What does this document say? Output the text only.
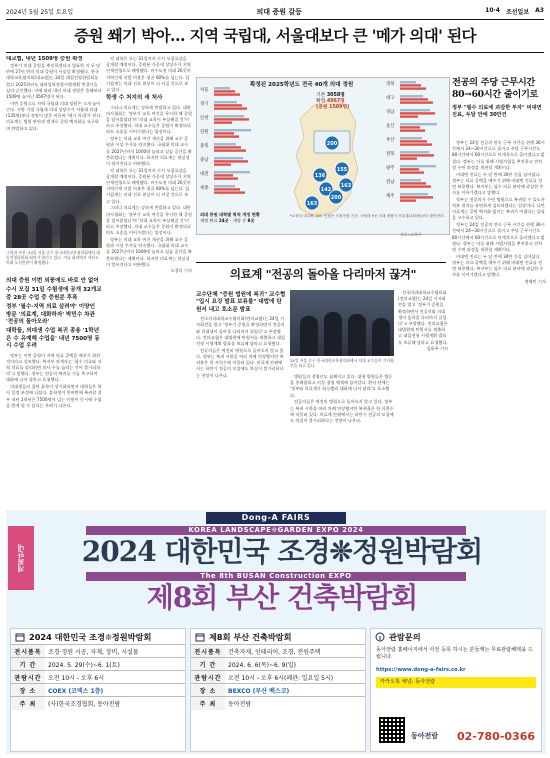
2024년 5월 25일 토요일	의대 증원 갈등	10·4 조선일보 A3
증원 쐐기 박아… 지역 국립대, 서울대보다 큰 '메가 의대' 된다
대교협, 내년 1509명 증원 확정

정부가 의대 증원을 추진하겠다고 발표한 지 두 달 만에 27년 만의 의대 증원이 사실상 확정됐다. 한국대학교육협의회(대교협)는 24일 대입전형위원회를 열고 2025학년도 대학입학전형시행계획 변경안을 심의·승인했다. 이에 따라 내년 의대 정원은 올해보다 1509명 늘어난 4567명이 된다.

이번 증원으로 지역 국립대 의대 정원은 크게 늘어난다. 지방 거점 국립대 의대 상당수가 서울대 의대(135명)보다 정원이 많은 이른바 '메가 의대'가 된다. 의료계는 법원 판단과 별개로 증원 백지화를 요구하며 반발하고 있다.

그림과 사진: 24일 서울 중구 한국대학교육협의회에서 대입전형위원회 회의가 열리고 있다. 이날 회의에서 내년도 의대 모집인원이 확정됐다.
의대 증원 이번 외풍에도 바로 안 없어
수시 모집 31일 수험생에 공개 32개교 중 28곳 수업 중 증원분 후폭
정부 '필수·지역 의료 살려야' 이양인 방문 '의료계, 대화하자' 박민수 차관 '전공의 돌아오라'
대학들, 의대생 수업 복귀 종용 '1학년은 수 유예해 수업을' 내년 7500명 동시 수업 우려

정부는 이번 증원이 지역 의료 공백을 메우기 위한 것이라고 강조했다. 복지부 관계자는 '필수 의료와 지역 의료를 살리려면 의사 수를 늘리는 것이 불가피하다'고 말했다. 정부는 전공의 복귀를 거듭 촉구하며 대화에 나서 달라고 요청했다.

의대생들의 집단 휴학이 장기화되면서 대학들은 학사 일정 조정에 나섰다. 휴학생이 한꺼번에 복귀할 경우 내년 1학년은 7500명이 넘는 인원이 동시에 수업을 받게 될 수 있다는 우려가 나온다.

각 대학은 오는 31일까지 수시 모집요강을 공개할 예정이다. 증원분 가운데 상당수가 지역인재전형으로 배정됐다. 비수도권 의대 26곳의 지역인재 선발 비율은 평균 60%를 넘는다. 입시업계는 의대 선호 현상이 더 커질 것으로 보고 있다.

학생 수 처지의 새 처사

그러나 의료계는 강하게 반발하고 있다. 대한의사협회는 '정부가 교육 여건을 무시한 채 증원을 밀어붙였다'며 '의대 교육이 부실해질 것'이라고 주장했다. 의대 교수들은 증원이 확정되더라도 소송을 이어가겠다는 입장이다.

정부는 의대 교육 여건 개선을 위해 교수 증원과 시설 투자를 약속했다. 국립대 의대 교수를 2027년까지 1000명 늘리고 실습 공간을 확충하겠다는 계획이다. 하지만 의료계는 현실성이 떨어진다고 비판했다.

각 대학은 오는 31일까지 수시 모집요강을 공개할 예정이다. 증원분 가운데 상당수가 지역인재전형으로 배정됐다. 비수도권 의대 26곳의 지역인재 선발 비율은 평균 60%를 넘는다. 입시업계는 의대 선호 현상이 더 커질 것으로 보고 있다.

그러나 의료계는 강하게 반발하고 있다. 대한의사협회는 '정부가 교육 여건을 무시한 채 증원을 밀어붙였다'며 '의대 교육이 부실해질 것'이라고 주장했다. 의대 교수들은 증원이 확정되더라도 소송을 이어가겠다는 입장이다.

정부는 의대 교육 여건 개선을 위해 교수 증원과 시설 투자를 약속했다. 국립대 의대 교수를 2027년까지 1000명 늘리고 실습 공간을 확충하겠다는 계획이다. 하지만 의료계는 현실성이 떨어진다고 비판했다.

오경묵 기자

200
155
136
142
200
163
163
서울
경기
인천
강원
충북
충남
대전
세종
경북
대구
경남
울산
부산
전북
광주
전남
제주
확정된 2025학년도 전국 40개 의대 정원
기존 3058명
확정 4567명
(증원 1509명)
의대 증원 대학별 학칙 개정 현황
개정 완료 24곳 · 개정 중 8곳
*교육부·대교협 자료, 인원은 모집인원 기준. 국립대 9곳 의대 정원이 서울대(135명)보다 많아진다.
자료=교육부
의료계 "전공의 돌아올 다리마저 끊겨"
교수단체 "증원 법원에 복귀" 교수협 "입시 요강 발표 보류를" 대법에 탄원서 내고 호소문 발표

전국의과대학교수협의회(전의교협)는 24일 기자회견을 열고 '정부가 증원을 확정하면서 전공의와 의대생이 돌아올 다리마저 끊었다'고 주장했다. 전의교협은 대법원에 탄원서를 제출하고 대입전형 시행계획 발표를 보류해 달라고 요청했다.

전공의들은 여전히 병원으로 돌아오지 않고 있다. 정부는 복귀 시한을 여러 차례 연장했지만 복귀율은 한 자릿수에 머물러 있다. 의료계 안팎에서는 하반기 전공의 모집에도 차질이 불가피하다는 전망이 나온다.

24일 서울 중구 한국대학교육협의회에서 의대 교수들이 기자회견을 하고 있다.

병원들의 경영난도 심해지고 있다. 대형 병원들은 병동을 통폐합하고 비상 경영 체제에 들어갔다. 환자 단체는 '정부와 의료계가 하루빨리 대화에 나서 달라'고 호소했다.

전공의들은 여전히 병원으로 돌아오지 않고 있다. 정부는 복귀 시한을 여러 차례 연장했지만 복귀율은 한 자릿수에 머물러 있다. 의료계 안팎에서는 하반기 전공의 모집에도 차질이 불가피하다는 전망이 나온다.

전국의과대학교수협의회(전의교협)는 24일 기자회견을 열고 '정부가 증원을 확정하면서 전공의와 의대생이 돌아올 다리마저 끊었다'고 주장했다. 전의교협은 대법원에 탄원서를 제출하고 대입전형 시행계획 발표를 보류해 달라고 요청했다.

김윤주 기자

전공의 주당 근무시간 80→60시간 줄이기로
정부 "필수 의료에 과감한 투자" 비대면 진료, 두달 만에 30만건

정부는 24일 전공의 연속 근무 시간을 현행 36시간에서 24~30시간으로 줄이고 주당 근무시간도 80시간에서 60시간으로 단계적으로 줄이겠다고 밝혔다. 정부는 이를 위해 시범사업을 추진하고 연차별 수련 과정을 개편할 계획이다.

비대면 진료는 두 달 만에 30만 건을 넘어섰다. 정부는 의료 공백을 메우기 위해 비대면 진료를 전면 허용했다. 복지부는 필수 의료 분야에 과감한 투자를 이어가겠다고 말했다.

정부는 전공의가 수련 병원으로 복귀할 수 있도록 처분 절차를 유연하게 검토하겠다는 입장이다. 다만 의료계는 증원 백지화 없이는 복귀가 어렵다는 입장을 고수하고 있다.

정부는 24일 전공의 연속 근무 시간을 현행 36시간에서 24~30시간으로 줄이고 주당 근무시간도 80시간에서 60시간으로 단계적으로 줄이겠다고 밝혔다. 정부는 이를 위해 시범사업을 추진하고 연차별 수련 과정을 개편할 계획이다.

비대면 진료는 두 달 만에 30만 건을 넘어섰다. 정부는 의료 공백을 메우기 위해 비대면 진료를 전면 허용했다. 복지부는 필수 의료 분야에 과감한 투자를 이어가겠다고 말했다.

정해민 기자

개최안내
Dong-A FAIRS
KOREA LANDSCAPE❊GARDEN EXPO 2024
2024 대한민국 조경❊정원박람회
The 8th BUSAN Construction EXPO
제8회 부산 건축박람회
2024 대한민국 조경❊정원박람회
전시품목	조경·정원 시공, 자재, 장비, 시설물
기 간	2024. 5. 29(수)~6. 1(토)
관람시간	오전 10시 - 오후 6시
장 소	COEX (코엑스 1층)
주 최	(사)한국조경협회, 동아전람
제8회 부산 건축박람회
전시품목	건축자재, 인테리어, 조경, 전원주택
기 간	2024. 6. 6(목)~6. 9(일)
관람시간	오전 10시 - 오후 6시(폐관: 일요일 5시)
장 소	BEXCO (부산 벡스코)
주 최	동아전람
관람문의
동아전람 홈페이지에서 사전 등록 하시는 분들께는 무료관람혜택을 드립니다.
https://www.dong-a-fairs.co.kr
카카오톡 채널: 동아전람
동아전람 02-780-0366
